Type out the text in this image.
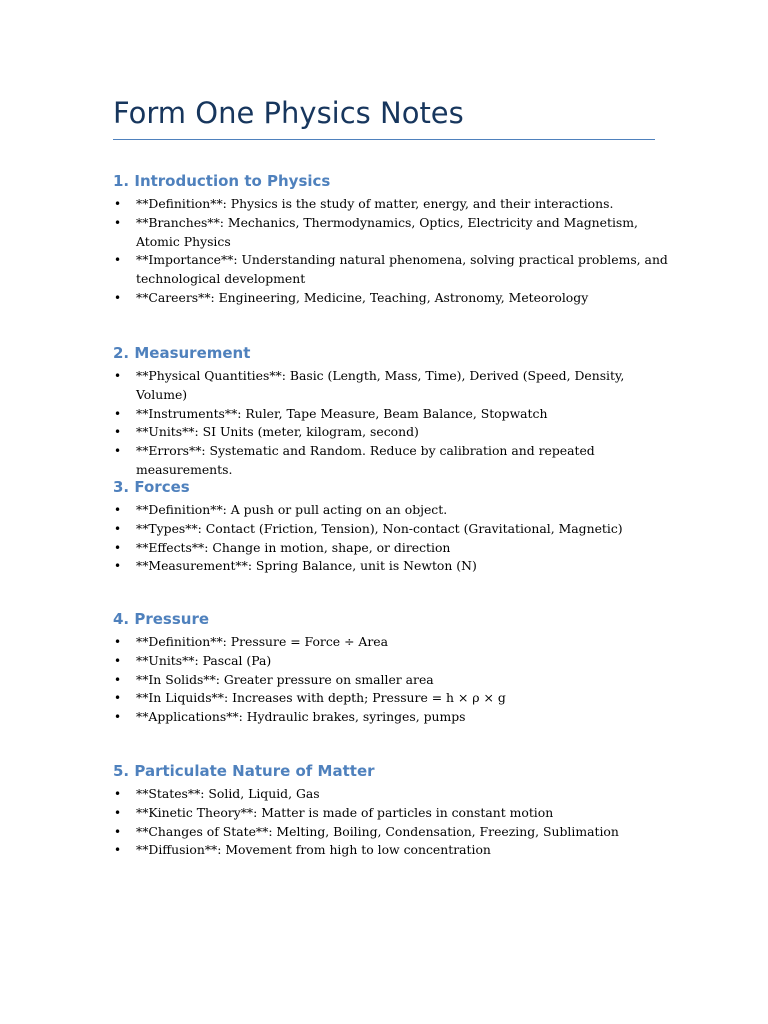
Form One Physics Notes
1. Introduction to Physics
• **Definition**: Physics is the study of matter, energy, and their interactions.
• **Branches**: Mechanics, Thermodynamics, Optics, Electricity and Magnetism, Atomic Physics
• **Importance**: Understanding natural phenomena, solving practical problems, and technological development
• **Careers**: Engineering, Medicine, Teaching, Astronomy, Meteorology
2. Measurement
• **Physical Quantities**: Basic (Length, Mass, Time), Derived (Speed, Density, Volume)
• **Instruments**: Ruler, Tape Measure, Beam Balance, Stopwatch
• **Units**: SI Units (meter, kilogram, second)
• **Errors**: Systematic and Random. Reduce by calibration and repeated measurements.
3. Forces
• **Definition**: A push or pull acting on an object.
• **Types**: Contact (Friction, Tension), Non-contact (Gravitational, Magnetic)
• **Effects**: Change in motion, shape, or direction
• **Measurement**: Spring Balance, unit is Newton (N)
4. Pressure
• **Definition**: Pressure = Force ÷ Area
• **Units**: Pascal (Pa)
• **In Solids**: Greater pressure on smaller area
• **In Liquids**: Increases with depth; Pressure = h × ρ × g
• **Applications**: Hydraulic brakes, syringes, pumps
5. Particulate Nature of Matter
• **States**: Solid, Liquid, Gas
• **Kinetic Theory**: Matter is made of particles in constant motion
• **Changes of State**: Melting, Boiling, Condensation, Freezing, Sublimation
• **Diffusion**: Movement from high to low concentration
